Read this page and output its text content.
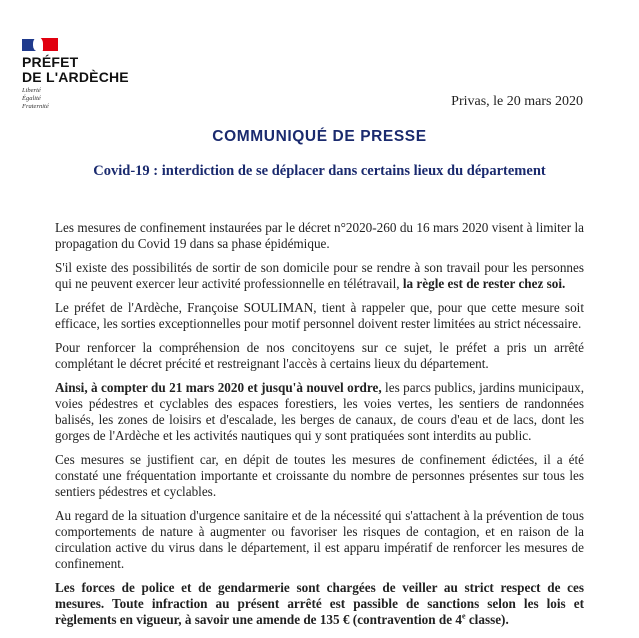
PRÉFET
DE L'ARDÈCHE
Liberté
Égalité
Fraternité	Privas, le 20 mars 2020
COMMUNIQUÉ DE PRESSE
Covid-19 : interdiction de se déplacer dans certains lieux du département

Les mesures de confinement instaurées par le décret n°2020-260 du 16 mars 2020 visent à limiter la propagation du Covid 19 dans sa phase épidémique.

S'il existe des possibilités de sortir de son domicile pour se rendre à son travail pour les personnes qui ne peuvent exercer leur activité professionnelle en télétravail, la règle est de rester chez soi.

Le préfet de l'Ardèche, Françoise SOULIMAN, tient à rappeler que, pour que cette mesure soit efficace, les sorties exceptionnelles pour motif personnel doivent rester limitées au strict nécessaire.

Pour renforcer la compréhension de nos concitoyens sur ce sujet, le préfet a pris un arrêté complétant le décret précité et restreignant l'accès à certains lieux du département.

Ainsi, à compter du 21 mars 2020 et jusqu'à nouvel ordre, les parcs publics, jardins municipaux, voies pédestres et cyclables des espaces forestiers, les voies vertes, les sentiers de randonnées balisés, les zones de loisirs et d'escalade, les berges de canaux, de cours d'eau et de lacs, dont les gorges de l'Ardèche et les activités nautiques qui y sont pratiquées sont interdits au public.

Ces mesures se justifient car, en dépit de toutes les mesures de confinement édictées, il a été constaté une fréquentation importante et croissante du nombre de personnes présentes sur tous les sentiers pédestres et cyclables.

Au regard de la situation d'urgence sanitaire et de la nécessité qui s'attachent à la prévention de tous comportements de nature à augmenter ou favoriser les risques de contagion, et en raison de la circulation active du virus dans le département, il est apparu impératif de renforcer les mesures de confinement.

Les forces de police et de gendarmerie sont chargées de veiller au strict respect de ces mesures. Toute infraction au présent arrêté est passible de sanctions selon les lois et règlements en vigueur, à savoir une amende de 135 € (contravention de 4e classe).
